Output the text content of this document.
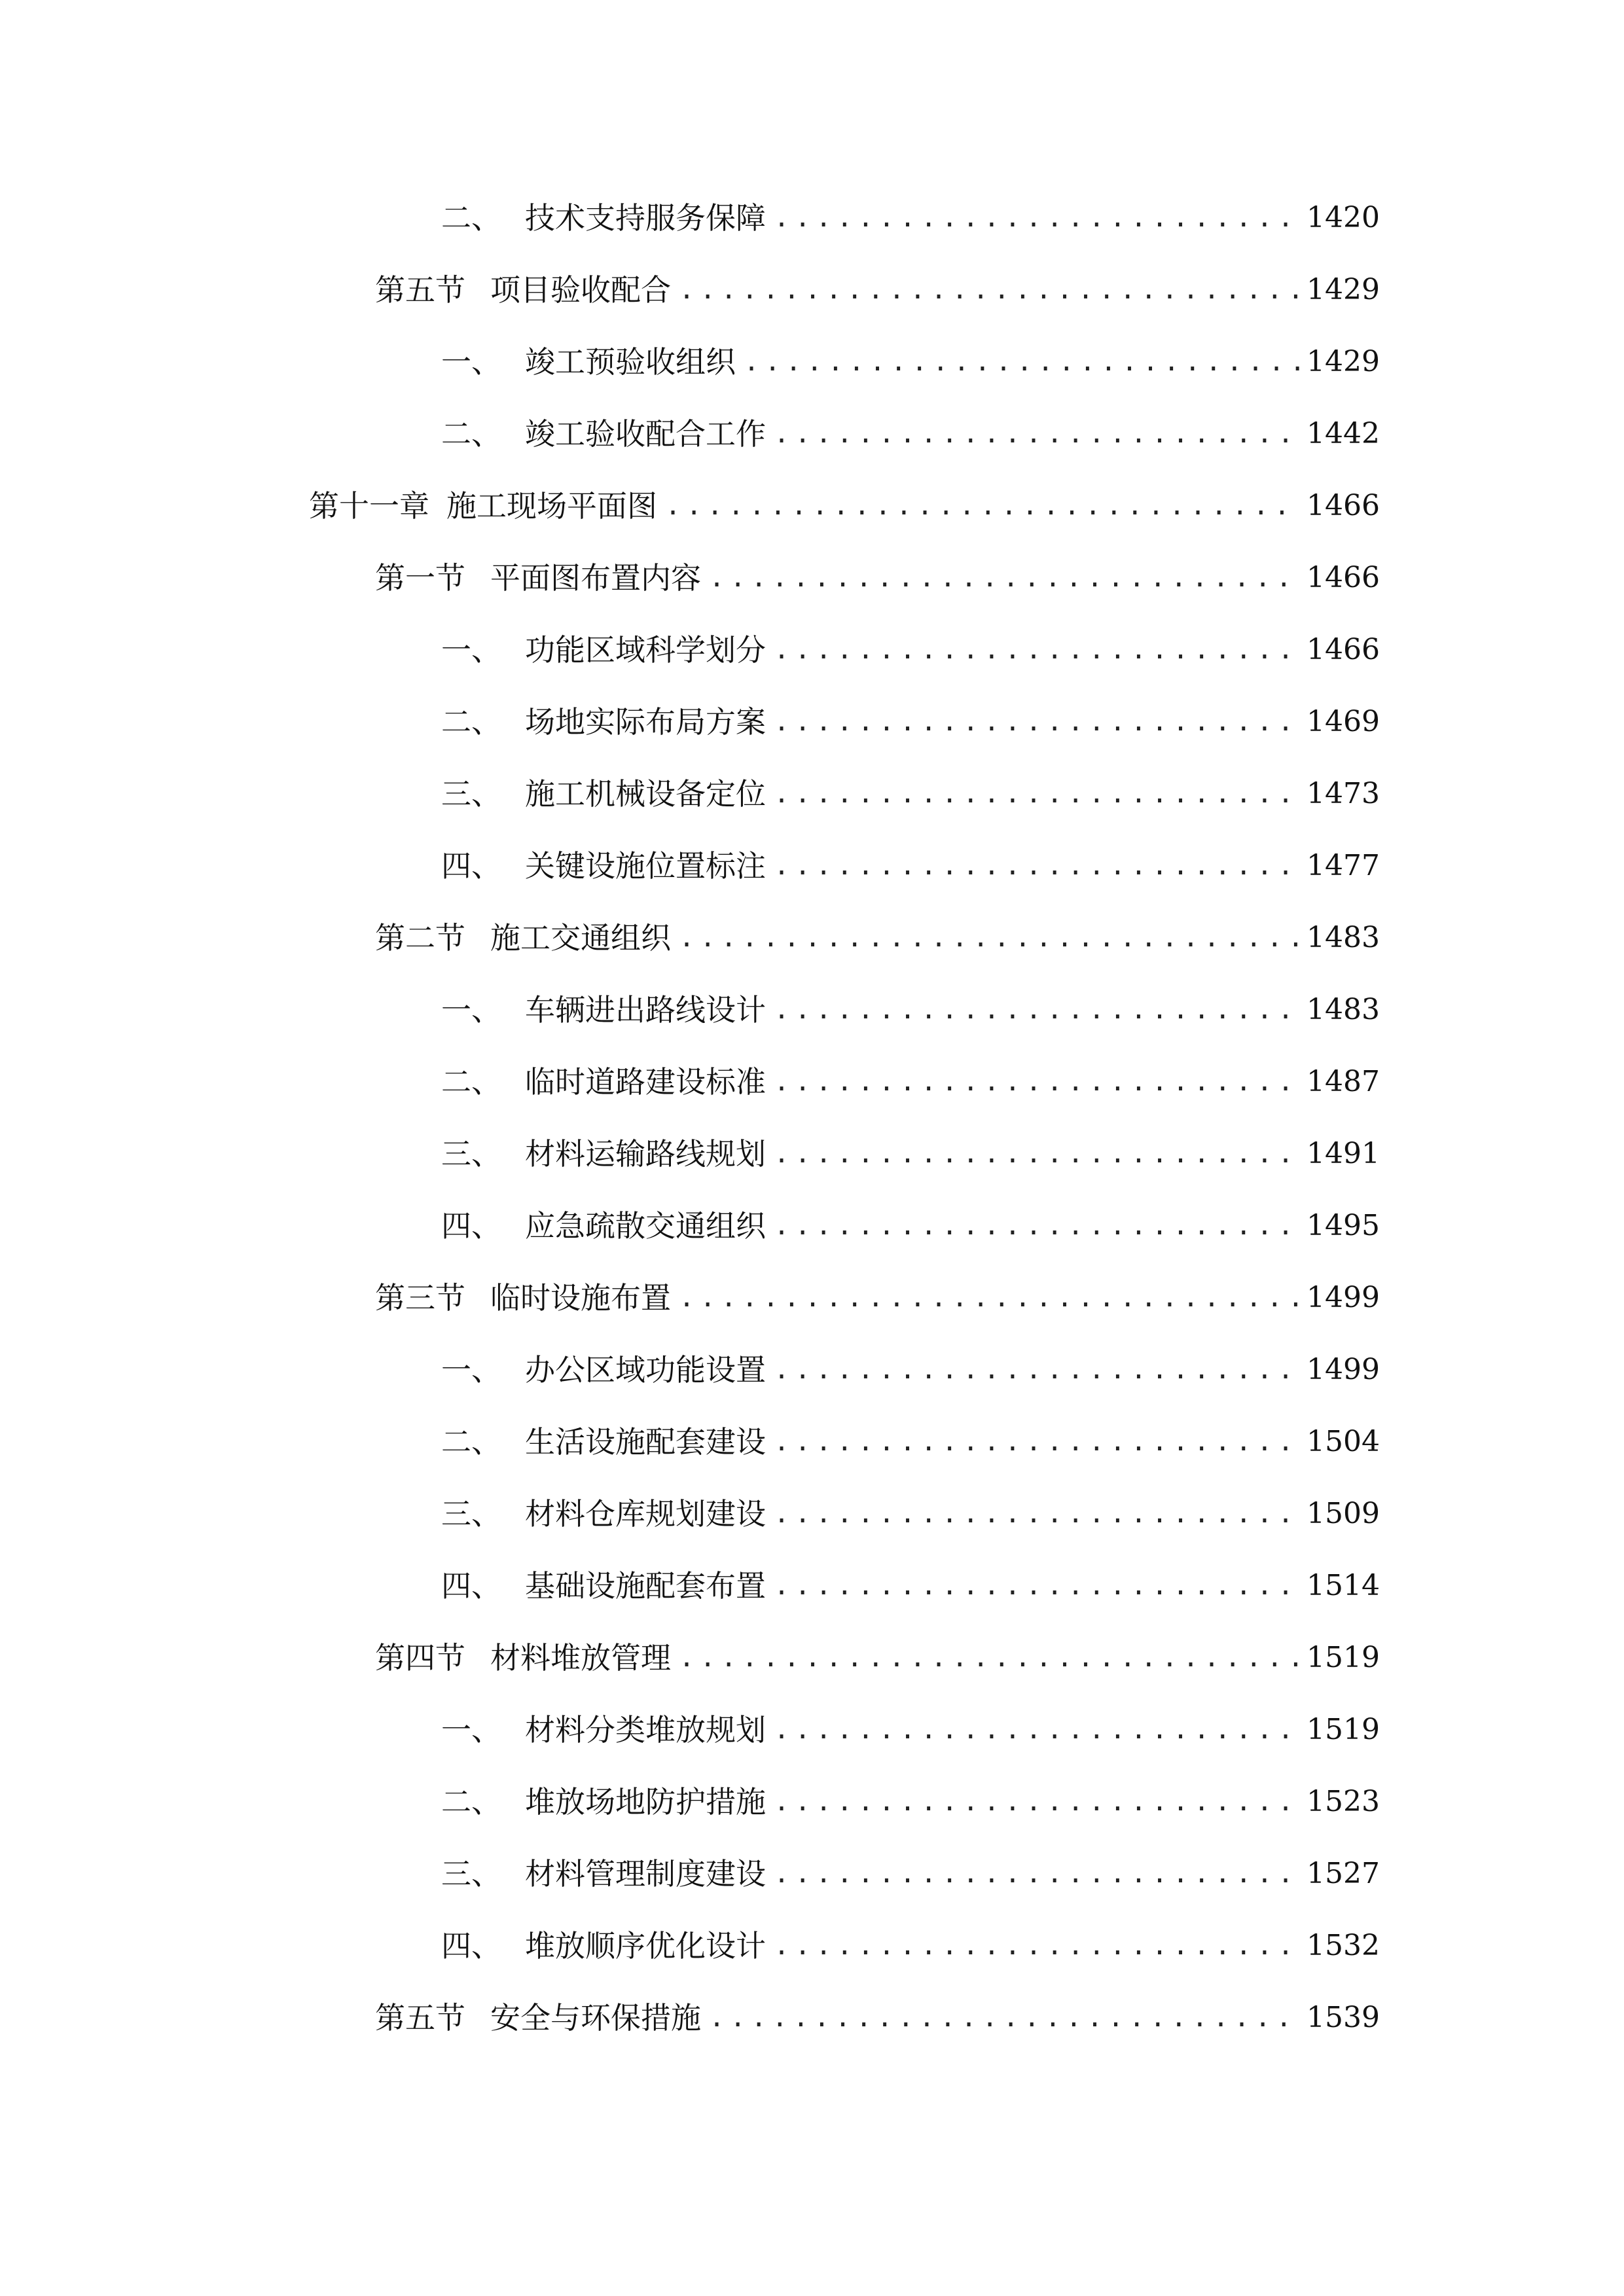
二、 技术支持服务保障 .....	1420
第五节 项目验收配合 .....	1429
一、 竣工预验收组织 .....	1429
二、 竣工验收配合工作 .....	1442
第十一章 施工现场平面图 .....	1466
第一节 平面图布置内容 .....	1466
一、 功能区域科学划分 .....	1466
二、 场地实际布局方案 .....	1469
三、 施工机械设备定位 .....	1473
四、 关键设施位置标注 .....	1477
第二节 施工交通组织 .....	1483
一、 车辆进出路线设计 .....	1483
二、 临时道路建设标准 .....	1487
三、 材料运输路线规划 .....	1491
四、 应急疏散交通组织 .....	1495
第三节 临时设施布置 .....	1499
一、 办公区域功能设置 .....	1499
二、 生活设施配套建设 .....	1504
三、 材料仓库规划建设 .....	1509
四、 基础设施配套布置 .....	1514
第四节 材料堆放管理 .....	1519
一、 材料分类堆放规划 .....	1519
二、 堆放场地防护措施 .....	1523
三、 材料管理制度建设 .....	1527
四、 堆放顺序优化设计 .....	1532
第五节 安全与环保措施 .....	1539
